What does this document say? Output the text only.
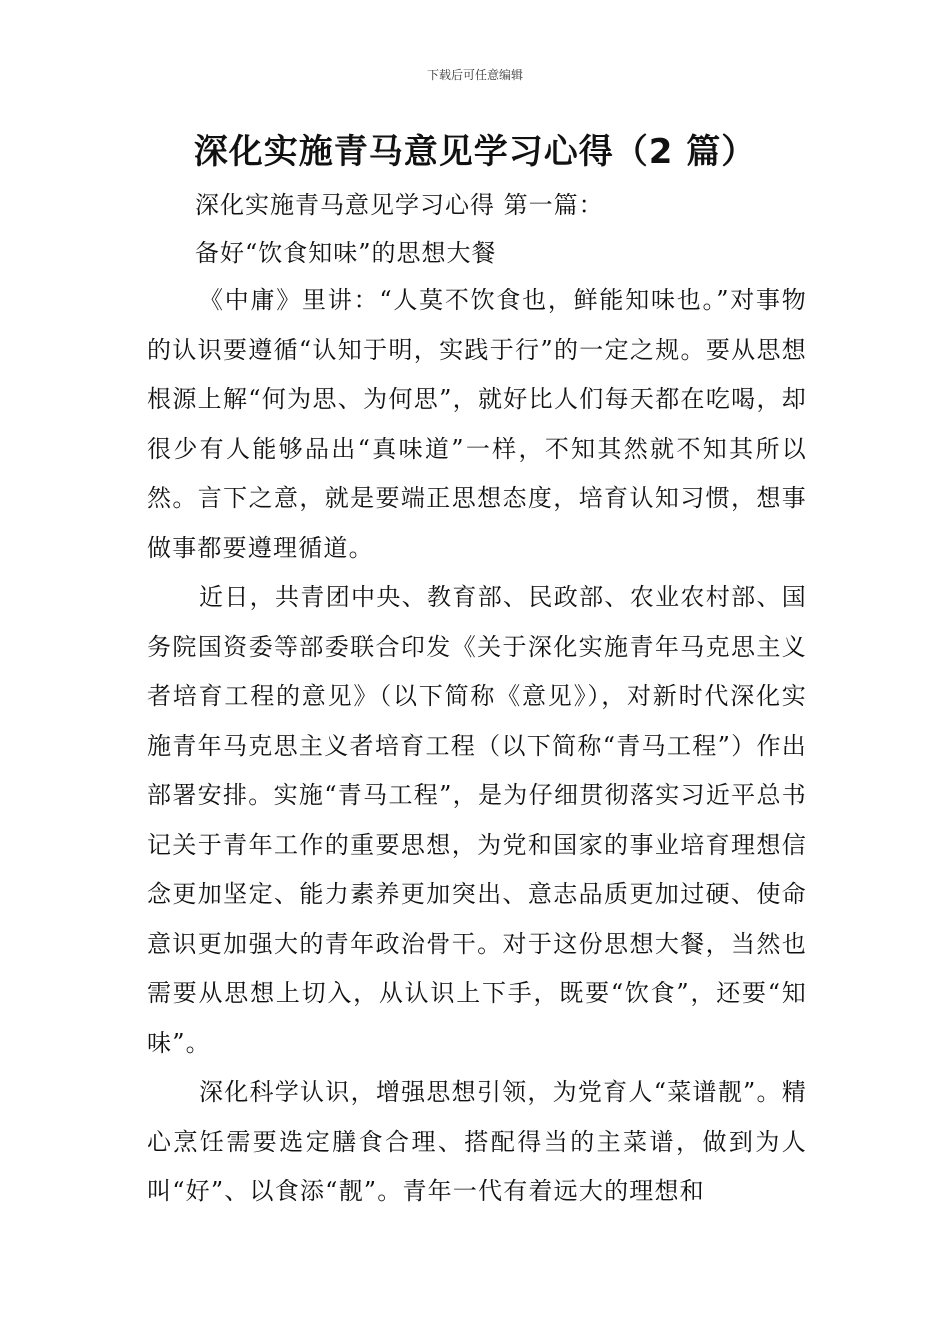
下载后可任意编辑
深化实施青马意见学习心得（2 篇）
深化实施青马意见学习心得 第一篇：
备好“饮食知味”的思想大餐

《中庸》里讲：“人莫不饮食也，鲜能知味也。”对事物的认识要遵循“认知于明，实践于行”的一定之规。要从思想根源上解“何为思、为何思”，就好比人们每天都在吃喝，却很少有人能够品出“真味道”一样，不知其然就不知其所以然。言下之意，就是要端正思想态度，培育认知习惯，想事做事都要遵理循道。

近日，共青团中央、教育部、民政部、农业农村部、国务院国资委等部委联合印发《关于深化实施青年马克思主义者培育工程的意见》（以下简称《意见》），对新时代深化实施青年马克思主义者培育工程（以下简称“青马工程”）作出部署安排。实施“青马工程”，是为仔细贯彻落实习近平总书记关于青年工作的重要思想，为党和国家的事业培育理想信念更加坚定、能力素养更加突出、意志品质更加过硬、使命意识更加强大的青年政治骨干。对于这份思想大餐，当然也需要从思想上切入，从认识上下手，既要“饮食”，还要“知味”。

深化科学认识，增强思想引领，为党育人“菜谱靓”。精心烹饪需要选定膳食合理、搭配得当的主菜谱，做到为人叫“好”、以食添“靓”。青年一代有着远大的理想和
